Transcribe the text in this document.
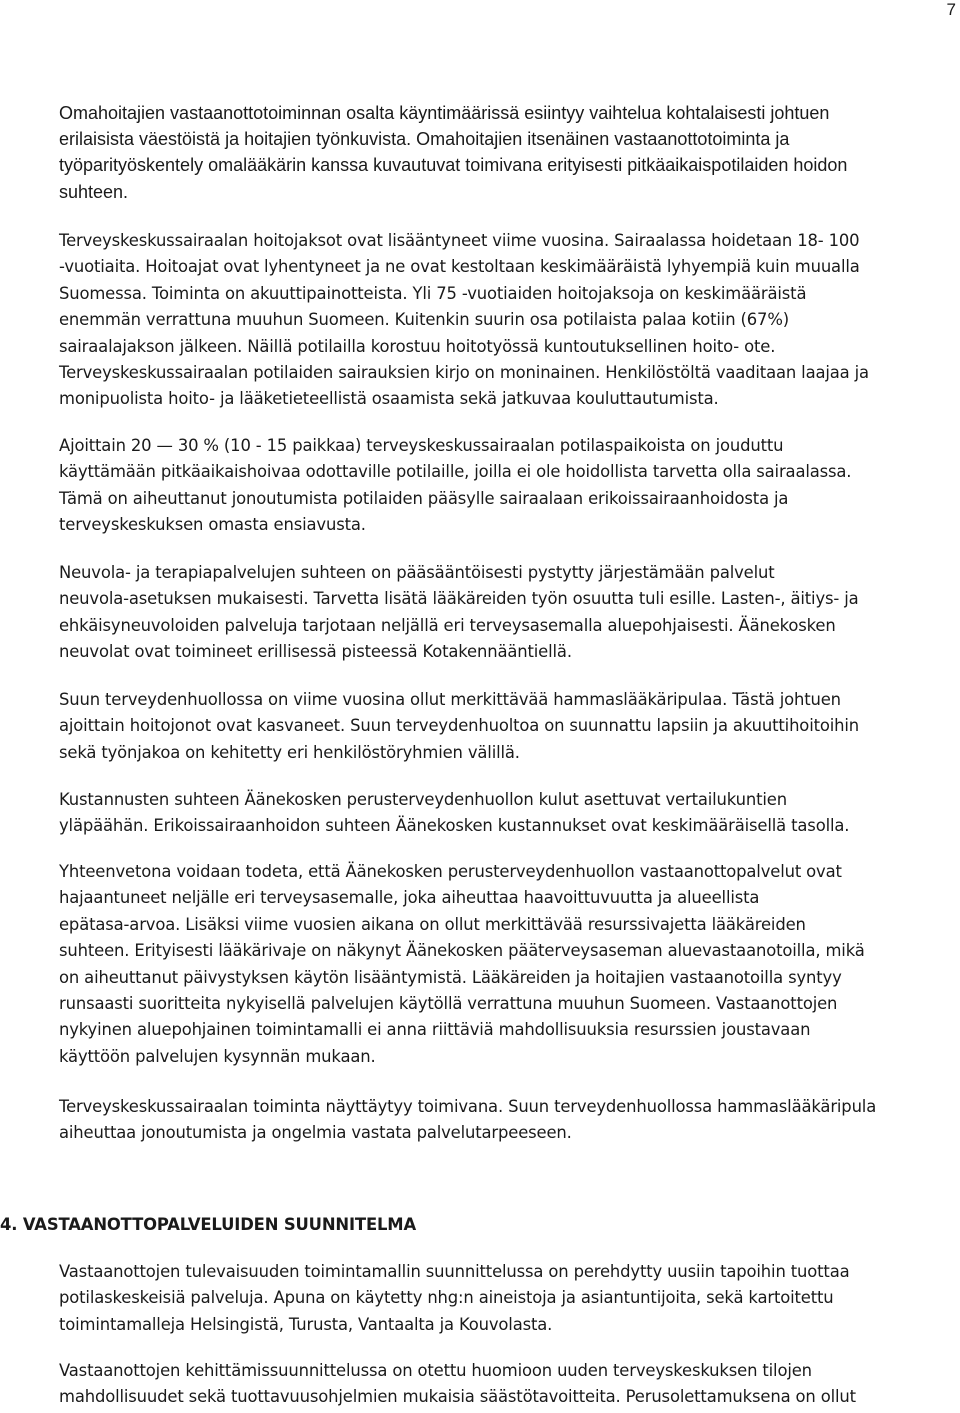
7

Omahoitajien vastaanottotoiminnan osalta käyntimäärissä esiintyy vaihtelua kohtalaisesti johtuen
erilaisista väestöistä ja hoitajien työnkuvista. Omahoitajien itsenäinen vastaanottotoiminta ja
työparityöskentely omalääkärin kanssa kuvautuvat toimivana erityisesti pitkäaikaispotilaiden hoidon
suhteen.

Terveyskeskussairaalan hoitojaksot ovat lisääntyneet viime vuosina. Sairaalassa hoidetaan 18- 100
-vuotiaita. Hoitoajat ovat lyhentyneet ja ne ovat kestoltaan keskimääräistä lyhyempiä kuin muualla
Suomessa. Toiminta on akuuttipainotteista. Yli 75 -vuotiaiden hoitojaksoja on keskimääräistä
enemmän verrattuna muuhun Suomeen. Kuitenkin suurin osa potilaista palaa kotiin (67%)
sairaalajakson jälkeen. Näillä potilailla korostuu hoitotyössä kuntoutuksellinen hoito- ote.
Terveyskeskussairaalan potilaiden sairauksien kirjo on moninainen. Henkilöstöltä vaaditaan laajaa ja
monipuolista hoito- ja lääketieteellistä osaamista sekä jatkuvaa kouluttautumista.

Ajoittain 20 — 30 % (10 - 15 paikkaa) terveyskeskussairaalan potilaspaikoista on jouduttu
käyttämään pitkäaikaishoivaa odottaville potilaille, joilla ei ole hoidollista tarvetta olla sairaalassa.
Tämä on aiheuttanut jonoutumista potilaiden pääsylle sairaalaan erikoissairaanhoidosta ja
terveyskeskuksen omasta ensiavusta.

Neuvola- ja terapiapalvelujen suhteen on pääsääntöisesti pystytty järjestämään palvelut
neuvola-asetuksen mukaisesti. Tarvetta lisätä lääkäreiden työn osuutta tuli esille. Lasten-, äitiys- ja
ehkäisyneuvoloiden palveluja tarjotaan neljällä eri terveysasemalla aluepohjaisesti. Äänekosken
neuvolat ovat toimineet erillisessä pisteessä Kotakennääntiellä.

Suun terveydenhuollossa on viime vuosina ollut merkittävää hammaslääkäripulaa. Tästä johtuen
ajoittain hoitojonot ovat kasvaneet. Suun terveydenhuoltoa on suunnattu lapsiin ja akuuttihoitoihin
sekä työnjakoa on kehitetty eri henkilöstöryhmien välillä.

Kustannusten suhteen Äänekosken perusterveydenhuollon kulut asettuvat vertailukuntien
yläpäähän. Erikoissairaanhoidon suhteen Äänekosken kustannukset ovat keskimääräisellä tasolla.

Yhteenvetona voidaan todeta, että Äänekosken perusterveydenhuollon vastaanottopalvelut ovat
hajaantuneet neljälle eri terveysasemalle, joka aiheuttaa haavoittuvuutta ja alueellista
epätasa-arvoa. Lisäksi viime vuosien aikana on ollut merkittävää resurssivajetta lääkäreiden
suhteen. Erityisesti lääkärivaje on näkynyt Äänekosken pääterveysaseman aluevastaanotoilla, mikä
on aiheuttanut päivystyksen käytön lisääntymistä. Lääkäreiden ja hoitajien vastaanotoilla syntyy
runsaasti suoritteita nykyisellä palvelujen käytöllä verrattuna muuhun Suomeen. Vastaanottojen
nykyinen aluepohjainen toimintamalli ei anna riittäviä mahdollisuuksia resurssien joustavaan
käyttöön palvelujen kysynnän mukaan.

Terveyskeskussairaalan toiminta näyttäytyy toimivana. Suun terveydenhuollossa hammaslääkäripula
aiheuttaa jonoutumista ja ongelmia vastata palvelutarpeeseen.

4. VASTAANOTTOPALVELUIDEN SUUNNITELMA

Vastaanottojen tulevaisuuden toimintamallin suunnittelussa on perehdytty uusiin tapoihin tuottaa
potilaskeskeisiä palveluja. Apuna on käytetty nhg:n aineistoja ja asiantuntijoita, sekä kartoitettu
toimintamalleja Helsingistä, Turusta, Vantaalta ja Kouvolasta.

Vastaanottojen kehittämissuunnittelussa on otettu huomioon uuden terveyskeskuksen tilojen
mahdollisuudet sekä tuottavuusohjelmien mukaisia säästötavoitteita. Perusolettamuksena on ollut
